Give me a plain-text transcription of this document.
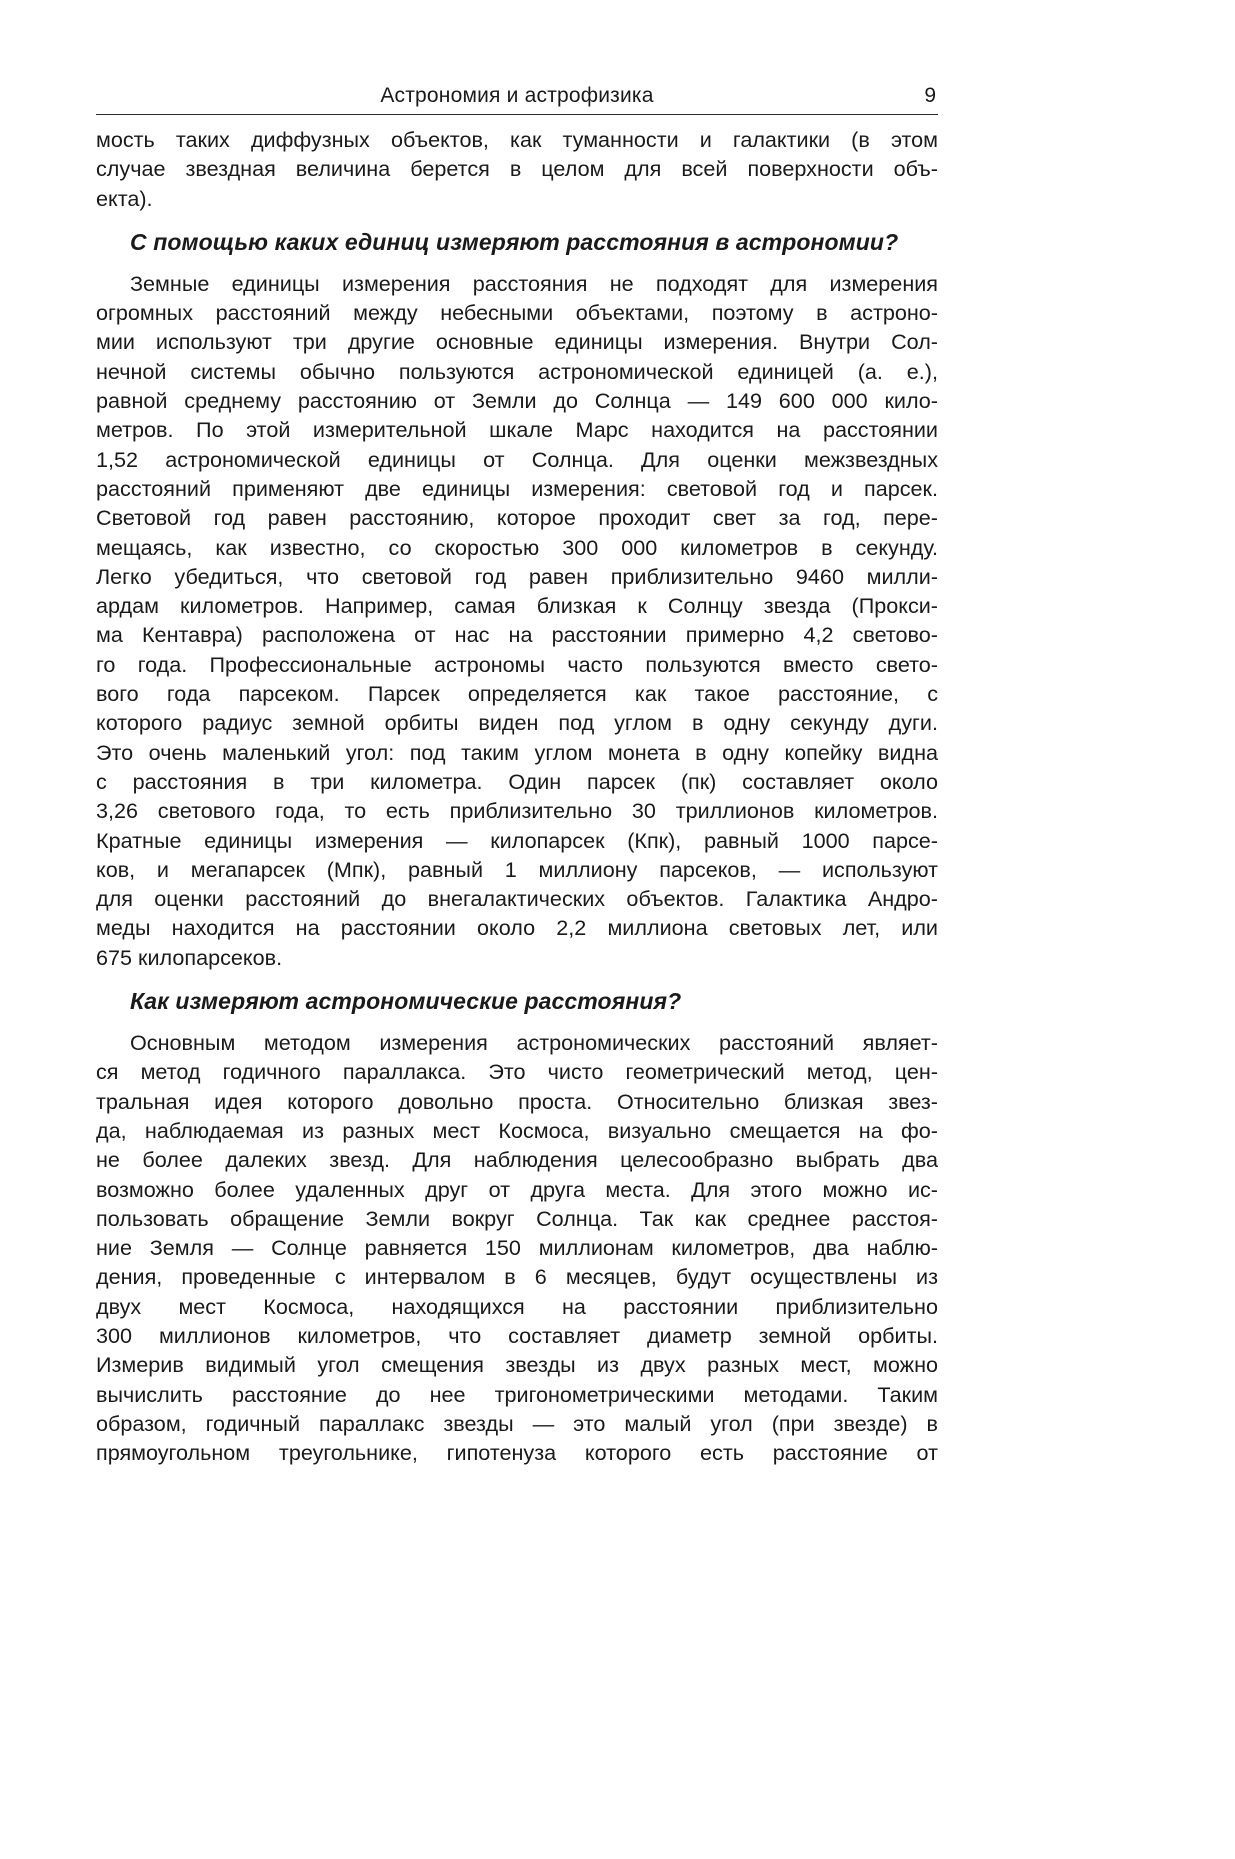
Астрономия и астрофизика	9

мость таких диффузных объектов, как туманности и галактики (в этом

случае звездная величина берется в целом для всей поверхности объ-

екта).

С помощью каких единиц измеряют расстояния в астрономии?

Земные единицы измерения расстояния не подходят для измерения

огромных расстояний между небесными объектами, поэтому в астроно-

мии используют три другие основные единицы измерения. Внутри Сол-

нечной системы обычно пользуются астрономической единицей (а. е.),

равной среднему расстоянию от Земли до Солнца — 149 600 000 кило-

метров. По этой измерительной шкале Марс находится на расстоянии

1,52 астрономической единицы от Солнца. Для оценки межзвездных

расстояний применяют две единицы измерения: световой год и парсек.

Световой год равен расстоянию, которое проходит свет за год, пере-

мещаясь, как известно, со скоростью 300 000 километров в секунду.

Легко убедиться, что световой год равен приблизительно 9460 милли-

ардам километров. Например, самая близкая к Солнцу звезда (Прокси-

ма Кентавра) расположена от нас на расстоянии примерно 4,2 светово-

го года. Профессиональные астрономы часто пользуются вместо свето-

вого года парсеком. Парсек определяется как такое расстояние, с

которого радиус земной орбиты виден под углом в одну секунду дуги.

Это очень маленький угол: под таким углом монета в одну копейку видна

с расстояния в три километра. Один парсек (пк) составляет около

3,26 светового года, то есть приблизительно 30 триллионов километров.

Кратные единицы измерения — килопарсек (Кпк), равный 1000 парсе-

ков, и мегапарсек (Мпк), равный 1 миллиону парсеков, — используют

для оценки расстояний до внегалактических объектов. Галактика Андро-

меды находится на расстоянии около 2,2 миллиона световых лет, или

675 килопарсеков.

Как измеряют астрономические расстояния?

Основным методом измерения астрономических расстояний являет-

ся метод годичного параллакса. Это чисто геометрический метод, цен-

тральная идея которого довольно проста. Относительно близкая звез-

да, наблюдаемая из разных мест Космоса, визуально смещается на фо-

не более далеких звезд. Для наблюдения целесообразно выбрать два

возможно более удаленных друг от друга места. Для этого можно ис-

пользовать обращение Земли вокруг Солнца. Так как среднее расстоя-

ние Земля — Солнце равняется 150 миллионам километров, два наблю-

дения, проведенные с интервалом в 6 месяцев, будут осуществлены из

двух мест Космоса, находящихся на расстоянии приблизительно

300 миллионов километров, что составляет диаметр земной орбиты.

Измерив видимый угол смещения звезды из двух разных мест, можно

вычислить расстояние до нее тригонометрическими методами. Таким

образом, годичный параллакс звезды — это малый угол (при звезде) в

прямоугольном треугольнике, гипотенуза которого есть расстояние от
